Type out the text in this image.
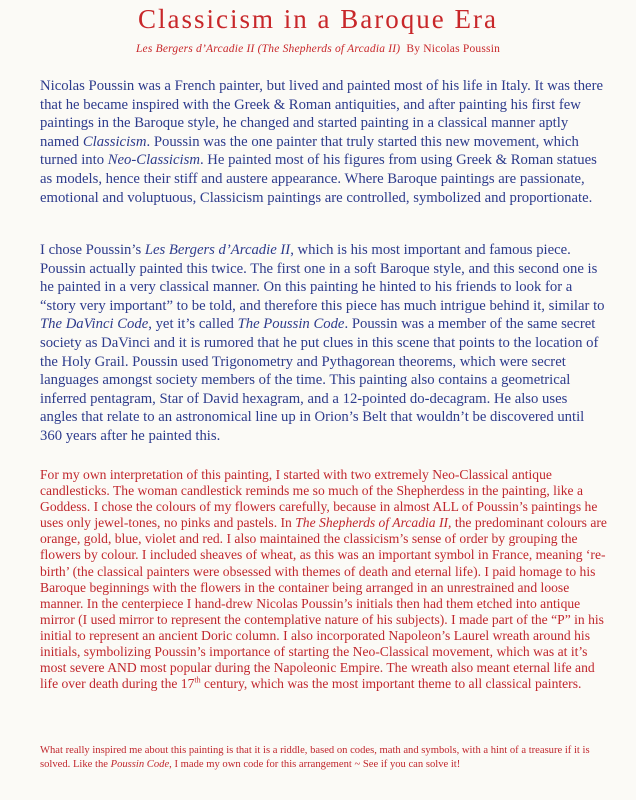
Classicism in a Baroque Era
Les Bergers d’Arcadie II (The Shepherds of Arcadia II) By Nicolas Poussin

Nicolas Poussin was a French painter, but lived and painted most of his life in Italy. It was there that he became inspired with the Greek & Roman antiquities, and after painting his first few paintings in the Baroque style, he changed and started painting in a classical manner aptly named Classicism. Poussin was the one painter that truly started this new movement, which turned into Neo-Classicism. He painted most of his figures from using Greek & Roman statues as models, hence their stiff and austere appearance. Where Baroque paintings are passionate, emotional and voluptuous, Classicism paintings are controlled, symbolized and proportionate.

I chose Poussin’s Les Bergers d’Arcadie II, which is his most important and famous piece. Poussin actually painted this twice. The first one in a soft Baroque style, and this second one is he painted in a very classical manner. On this painting he hinted to his friends to look for a “story very important” to be told, and therefore this piece has much intrigue behind it, similar to The DaVinci Code, yet it’s called The Poussin Code. Poussin was a member of the same secret society as DaVinci and it is rumored that he put clues in this scene that points to the location of the Holy Grail. Poussin used Trigonometry and Pythagorean theorems, which were secret languages amongst society members of the time. This painting also contains a geometrical inferred pentagram, Star of David hexagram, and a 12-pointed do-decagram. He also uses angles that relate to an astronomical line up in Orion’s Belt that wouldn’t be discovered until 360 years after he painted this.

For my own interpretation of this painting, I started with two extremely Neo-Classical antique candlesticks. The woman candlestick reminds me so much of the Shepherdess in the painting, like a Goddess. I chose the colours of my flowers carefully, because in almost ALL of Poussin’s paintings he uses only jewel-tones, no pinks and pastels. In The Shepherds of Arcadia II, the predominant colours are orange, gold, blue, violet and red. I also maintained the classicism’s sense of order by grouping the flowers by colour. I included sheaves of wheat, as this was an important symbol in France, meaning ‘re-birth’ (the classical painters were obsessed with themes of death and eternal life). I paid homage to his Baroque beginnings with the flowers in the container being arranged in an unrestrained and loose manner. In the centerpiece I hand-drew Nicolas Poussin’s initials then had them etched into antique mirror (I used mirror to represent the contemplative nature of his subjects). I made part of the “P” in his initial to represent an ancient Doric column. I also incorporated Napoleon’s Laurel wreath around his initials, symbolizing Poussin’s importance of starting the Neo-Classical movement, which was at it’s most severe AND most popular during the Napoleonic Empire. The wreath also meant eternal life and life over death during the 17th century, which was the most important theme to all classical painters.

What really inspired me about this painting is that it is a riddle, based on codes, math and symbols, with a hint of a treasure if it is solved. Like the Poussin Code, I made my own code for this arrangement ~ See if you can solve it!
